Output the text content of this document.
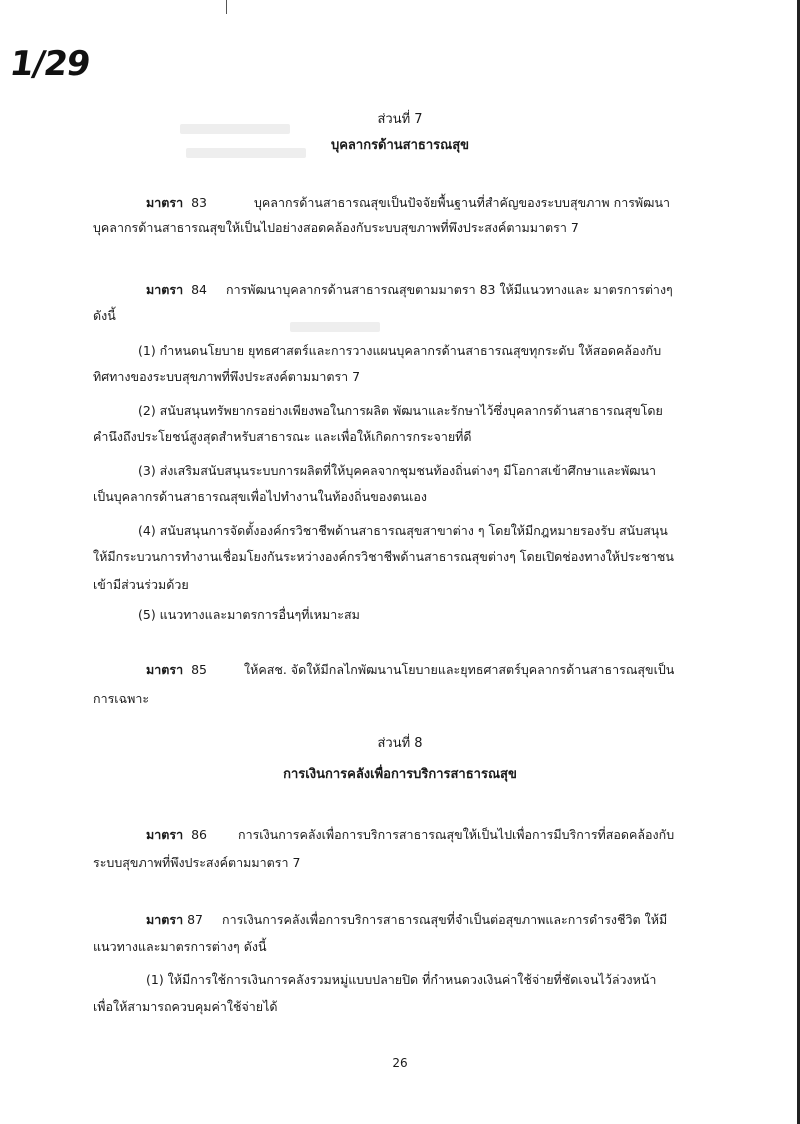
1/29
ส่วนที่ 7
บุคลากรด้านสาธารณสุข
มาตรา 83	บุคลากรด้านสาธารณสุขเป็นปัจจัยพื้นฐานที่สำคัญของระบบสุขภาพ การพัฒนา
บุคลากรด้านสาธารณสุขให้เป็นไปอย่างสอดคล้องกับระบบสุขภาพที่พึงประสงค์ตามมาตรา 7
มาตรา 84 การพัฒนาบุคลากรด้านสาธารณสุขตามมาตรา 83 ให้มีแนวทางและ มาตรการต่างๆ
ดังนี้
(1) กำหนดนโยบาย ยุทธศาสตร์และการวางแผนบุคลากรด้านสาธารณสุขทุกระดับ ให้สอดคล้องกับ
ทิศทางของระบบสุขภาพที่พึงประสงค์ตามมาตรา 7
(2) สนับสนุนทรัพยากรอย่างเพียงพอในการผลิต พัฒนาและรักษาไว้ซึ่งบุคลากรด้านสาธารณสุขโดย
คำนึงถึงประโยชน์สูงสุดสำหรับสาธารณะ และเพื่อให้เกิดการกระจายที่ดี
(3) ส่งเสริมสนับสนุนระบบการผลิตที่ให้บุคคลจากชุมชนท้องถิ่นต่างๆ มีโอกาสเข้าศึกษาและพัฒนา
เป็นบุคลากรด้านสาธารณสุขเพื่อไปทำงานในท้องถิ่นของตนเอง
(4) สนับสนุนการจัดตั้งองค์กรวิชาชีพด้านสาธารณสุขสาขาต่าง ๆ โดยให้มีกฎหมายรองรับ สนับสนุน
ให้มีกระบวนการทำงานเชื่อมโยงกันระหว่างองค์กรวิชาชีพด้านสาธารณสุขต่างๆ โดยเปิดช่องทางให้ประชาชน
เข้ามีส่วนร่วมด้วย
(5) แนวทางและมาตรการอื่นๆที่เหมาะสม
มาตรา 85	ให้คสช. จัดให้มีกลไกพัฒนานโยบายและยุทธศาสตร์บุคลากรด้านสาธารณสุขเป็น
การเฉพาะ
ส่วนที่ 8
การเงินการคลังเพื่อการบริการสาธารณสุข
มาตรา 86 การเงินการคลังเพื่อการบริการสาธารณสุขให้เป็นไปเพื่อการมีบริการที่สอดคล้องกับ
ระบบสุขภาพที่พึงประสงค์ตามมาตรา 7
มาตรา 87 การเงินการคลังเพื่อการบริการสาธารณสุขที่จำเป็นต่อสุขภาพและการดำรงชีวิต ให้มี
แนวทางและมาตรการต่างๆ ดังนี้
(1) ให้มีการใช้การเงินการคลังรวมหมู่แบบปลายปิด ที่กำหนดวงเงินค่าใช้จ่ายที่ชัดเจนไว้ล่วงหน้า
เพื่อให้สามารถควบคุมค่าใช้จ่ายได้
26
